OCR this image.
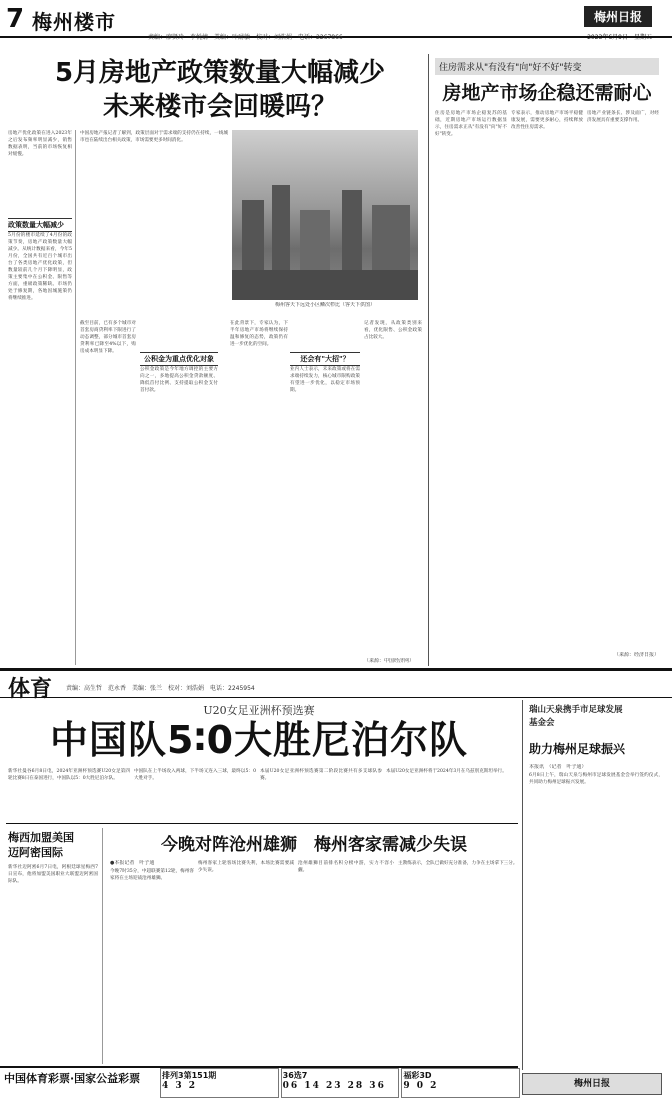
7 梅州楼市
责编：廖贤玲　李悦婧　美编：叶耐敏　校对：刘浩娟　电话：2267866
梅州日报
2023年6月9日　星期五
5月房地产政策数量大幅减少
未来楼市会回暖吗？
房地产优化政策在进入2023年之后发布频率明显减少，销售数据表明，当前的市场恢复相对缓慢。
政策数量大幅减少
5月份的楼市延续了4月份的政策节奏，房地产政策数量大幅减少。从统计数据来看，今年5月份，全国共有近百个城市出台了各类房地产优化政策，但数量较前几个月下降明显，政策主要集中在公积金、限售等方面，重磅政策稀缺。市场仍处于修复期，各地因城施策仍将继续推进。
梅州客天下远处小区鳞次栉比（客天下供图）
中国房地产报记者了解到，政策层面对于需求端的支持仍在持续，一线城市也在陆续出台相关政策，市场需要更多时间消化。
截至目前，已有多个城市对首套房商贷利率下限进行了动态调整，部分城市首套房贷利率已降至4%以下，购房成本明显下降。
公积金为重点优化对象
公积金政策是今年地方调控的主要方向之一，多地提高公积金贷款额度、降低首付比例、支持提取公积金支付首付款。
在此背景下，专家认为，下半年房地产市场将继续保持温和修复的态势，政策仍有进一步优化的空间。
还会有"大招"？
业内人士表示，未来政策或将在需求端持续发力，核心城市限购政策有望进一步优化，以稳定市场预期。
记者发现，从政策类别来看，优化限售、公积金政策占比较大。
（来源：中国经济网）
住房需求从"有没有"向"好不好"转变
房地产市场企稳还需耐心
住房是房地产市场企稳复苏的基础，近期房地产市场运行数据显示，住房需求正从"有没有"向"好不好"转变。
专家表示，推动房地产市场平稳健康发展，需要更多耐心，持续释放改善性住房需求。
房地产业链条长、涉及面广，对经济发展具有重要支撑作用。
（来源：经济日报）
体育 责编：高生哲　范永香　美编：张兰　校对：刘浩娟　电话：2245954
U20女足亚洲杯预选赛
中国队5∶0大胜尼泊尔队
新华社曼谷6月8日电，2024年亚洲杯预选赛U20女足第四轮比赛8日在泰国进行，中国队以5：0大胜尼泊尔队。
中国队在上半场攻入两球，下半场又连入三球，最终以5：0大胜对手。
本届U20女足亚洲杯预选赛第二阶段比赛共有多支球队参赛。
本届U20女足亚洲杯将于2024年3月在乌兹别克斯坦举行。
瑞山天泉携手市足球发展
基金会
助力梅州足球振兴
本报讯　（记者　叶子通）
6月8日上午，瑞山天泉与梅州市足球发展基金会举行签约仪式，共同助力梅州足球振兴发展。
梅西加盟美国
迈阿密国际
新华社迈阿密6月7日电，阿根廷球星梅西7日宣布，他将加盟美国职业大联盟迈阿密国际队。
今晚对阵沧州雄狮　梅州客家需减少失误
●本报记者　叶子通
今晚7时35分，中超联赛第12轮，梅州客家将在主场迎战沧州雄狮。
梅州客家上轮客场比赛失利，本场比赛需要减少失误。
沧州雄狮目前排名积分榜中游，实力不容小觑。
主教练表示，全队已做好充分准备，力争在主场拿下三分。
中国体育彩票·国家公益彩票	排列3第151期
4 3 2
36选7
06 14 23 28 36
福彩3D
9 0 2	梅州日报
